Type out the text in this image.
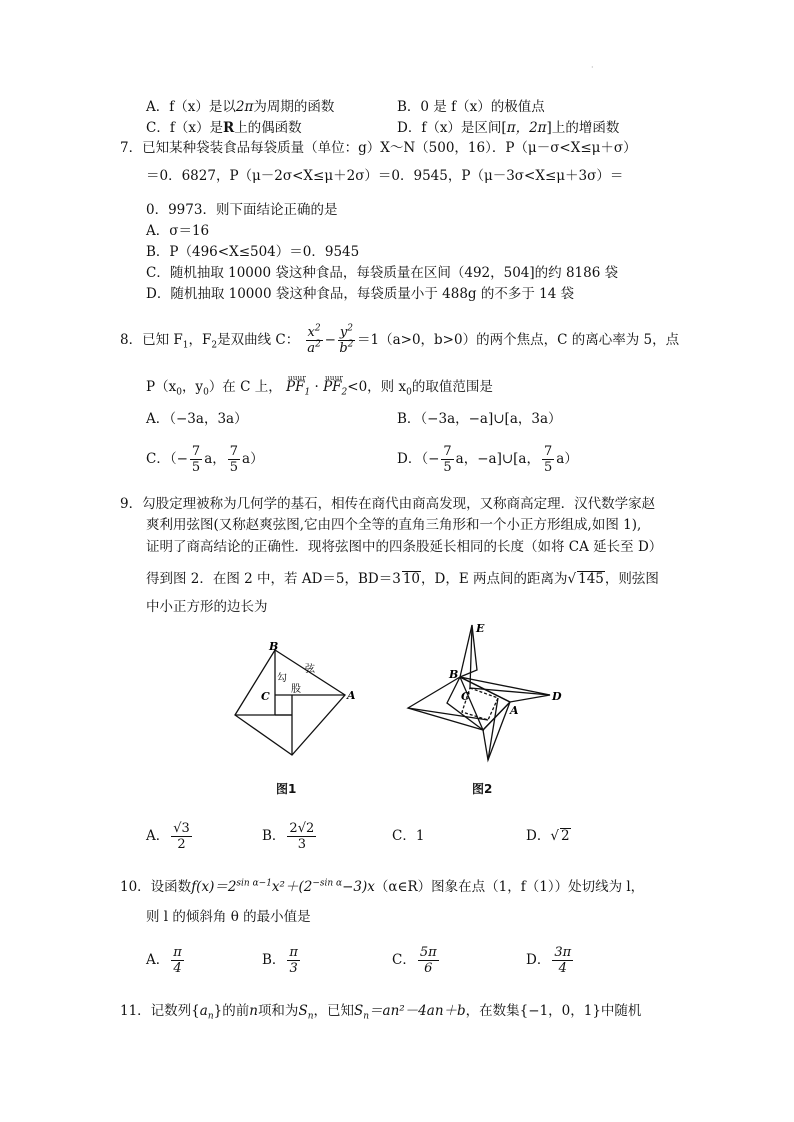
·
A．f（x）是以2π为周期的函数	B．0 是 f（x）的极值点
C．f（x）是R上的偶函数	D．f（x）是区间[π，2π]上的增函数
7．已知某种袋装食品每袋质量（单位：g）X～N（500，16）．P（μ－σ<X≤μ＋σ）
＝0．6827，P（μ－2σ<X≤μ＋2σ）＝0．9545，P（μ－3σ<X≤μ＋3σ）＝
0．9973．则下面结论正确的是
A．σ＝16
B．P（496<X≤504）＝0．9545
C．随机抽取 10000 袋这种食品，每袋质量在区间（492，504]的约 8186 袋
D．随机抽取 10000 袋这种食品，每袋质量小于 488g 的不多于 14 袋
8．已知 $F_1$，$F_2$是双曲线 C： $\frac{x^2}{a^2} - \frac{y^2}{b^2} =1(a>0$，b>0）的两个焦点，C 的离心率为 5，点
$P(x_0$，$y_0$）在 C 上， uuur $PF_1$ · uuur $PF_2<0$，则 $x_0$的取值范围是
A．（−3a，3a）	B．（−3a，−a]∪[a，3a）
C．（− $\frac{7}{5}$ a， $\frac{7}{5} a$）	D．（− $\frac{7}{5}$ a，−a]∪[a， $\frac{7}{5} a$）
9．勾股定理被称为几何学的基石，相传在商代由商高发现，又称商高定理．汉代数学家赵
爽利用弦图(又称赵爽弦图,它由四个全等的直角三角形和一个小正方形组成,如图 1),
证明了商高结论的正确性．现将弦图中的四条股延长相同的长度（如将 CA 延长至 D）
得到图 2．在图 2 中，若 AD＝5，BD＝3 10，D，E 两点间的距离为√ 145，则弦图
中小正方形的边长为
B
C	A
勾
股
弦
图1
E
B
C
A
D
图2
A． $\frac{√3}{2}$	B． $\frac{2√2}{3}$	C．1	D．√ 2
10．设函数$f(x)=2^{sin \alpha-1}x^2+(2^{-sin \alpha}-3)x(\alpha\in R)$图象在点（1，f（1））处切线为 l，
则 l 的倾斜角 θ 的最小值是
A． $\frac{\pi}{4}$	B． $\frac{\pi}{3}$	C． $\frac{5\pi}{6}$	D． $\frac{3\pi}{4}$
11．记数列$\{a_n\}$的前n项和为$S_n$，已知$S_n=an^2-4an+b$，在数集{−1，0，1}中随机
